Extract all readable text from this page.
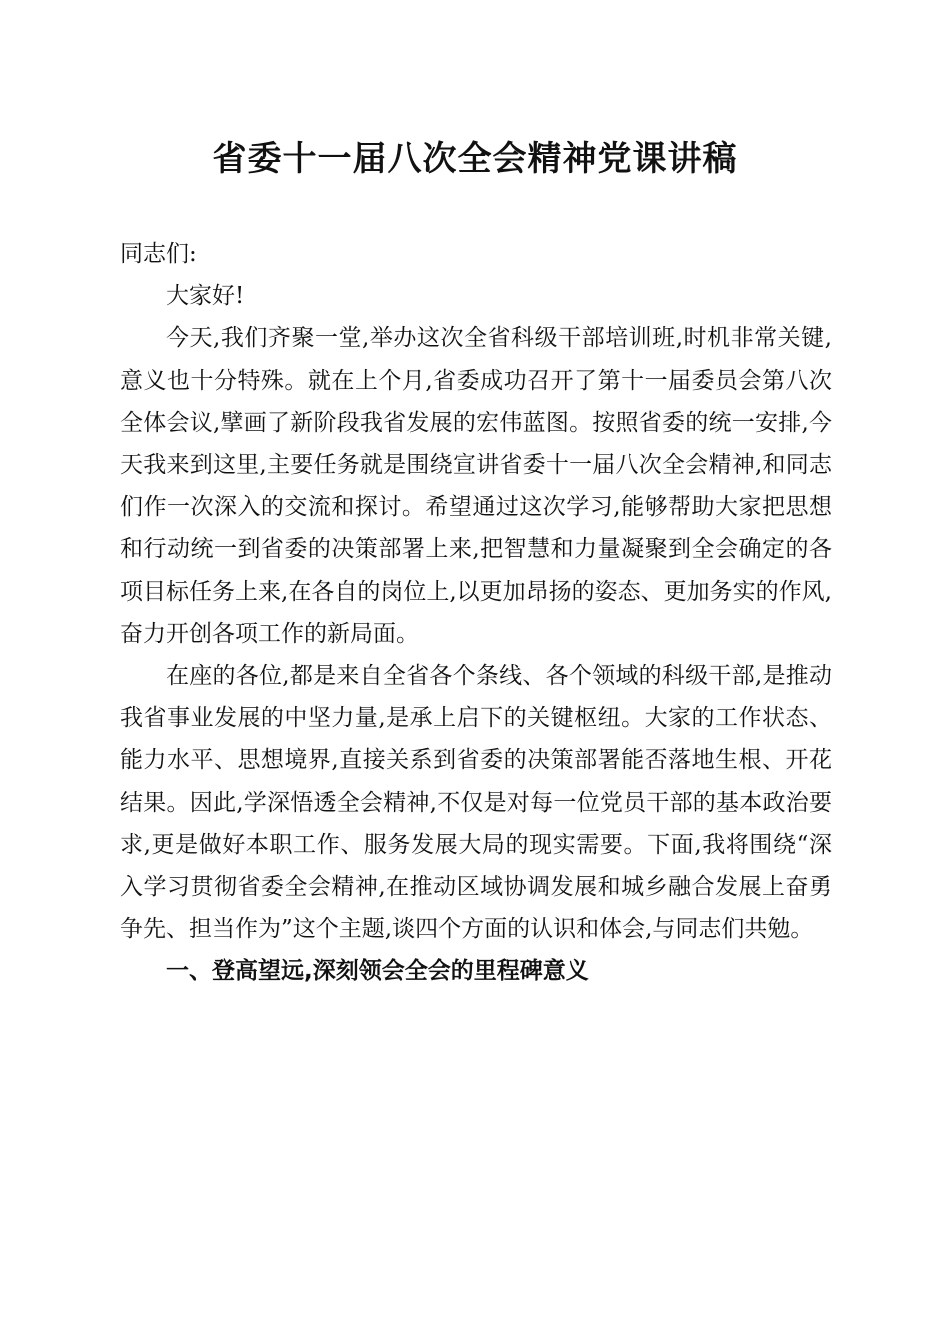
省委十一届八次全会精神党课讲稿

同志们:

大家好!

今天,我们齐聚一堂,举办这次全省科级干部培训班,时机非常关键,意义也十分特殊。就在上个月,省委成功召开了第十一届委员会第八次全体会议,擘画了新阶段我省发展的宏伟蓝图。按照省委的统一安排,今天我来到这里,主要任务就是围绕宣讲省委十一届八次全会精神,和同志们作一次深入的交流和探讨。希望通过这次学习,能够帮助大家把思想和行动统一到省委的决策部署上来,把智慧和力量凝聚到全会确定的各项目标任务上来,在各自的岗位上,以更加昂扬的姿态、更加务实的作风,奋力开创各项工作的新局面。

在座的各位,都是来自全省各个条线、各个领域的科级干部,是推动我省事业发展的中坚力量,是承上启下的关键枢纽。大家的工作状态、能力水平、思想境界,直接关系到省委的决策部署能否落地生根、开花结果。因此,学深悟透全会精神,不仅是对每一位党员干部的基本政治要求,更是做好本职工作、服务发展大局的现实需要。下面,我将围绕“深入学习贯彻省委全会精神,在推动区域协调发展和城乡融合发展上奋勇争先、担当作为”这个主题,谈四个方面的认识和体会,与同志们共勉。

一、登高望远,深刻领会全会的里程碑意义
